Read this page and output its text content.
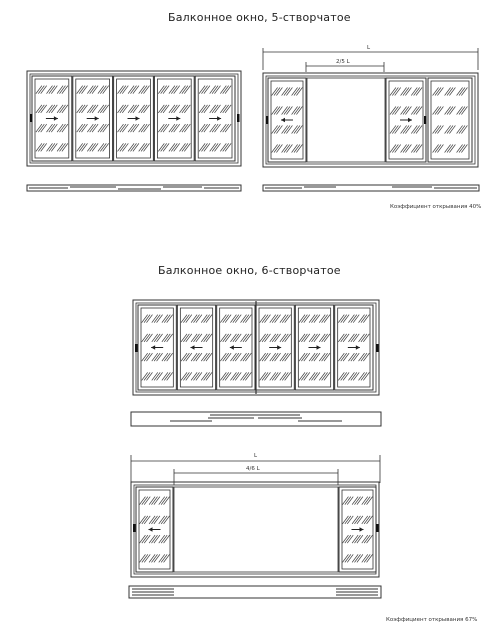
Балконное окно, 5-створчатое
L
2/5 L
Коэффициент открывания 40%
Балконное окно, 6-створчатое
L
4/6 L
Коэффициент открывания 67%
